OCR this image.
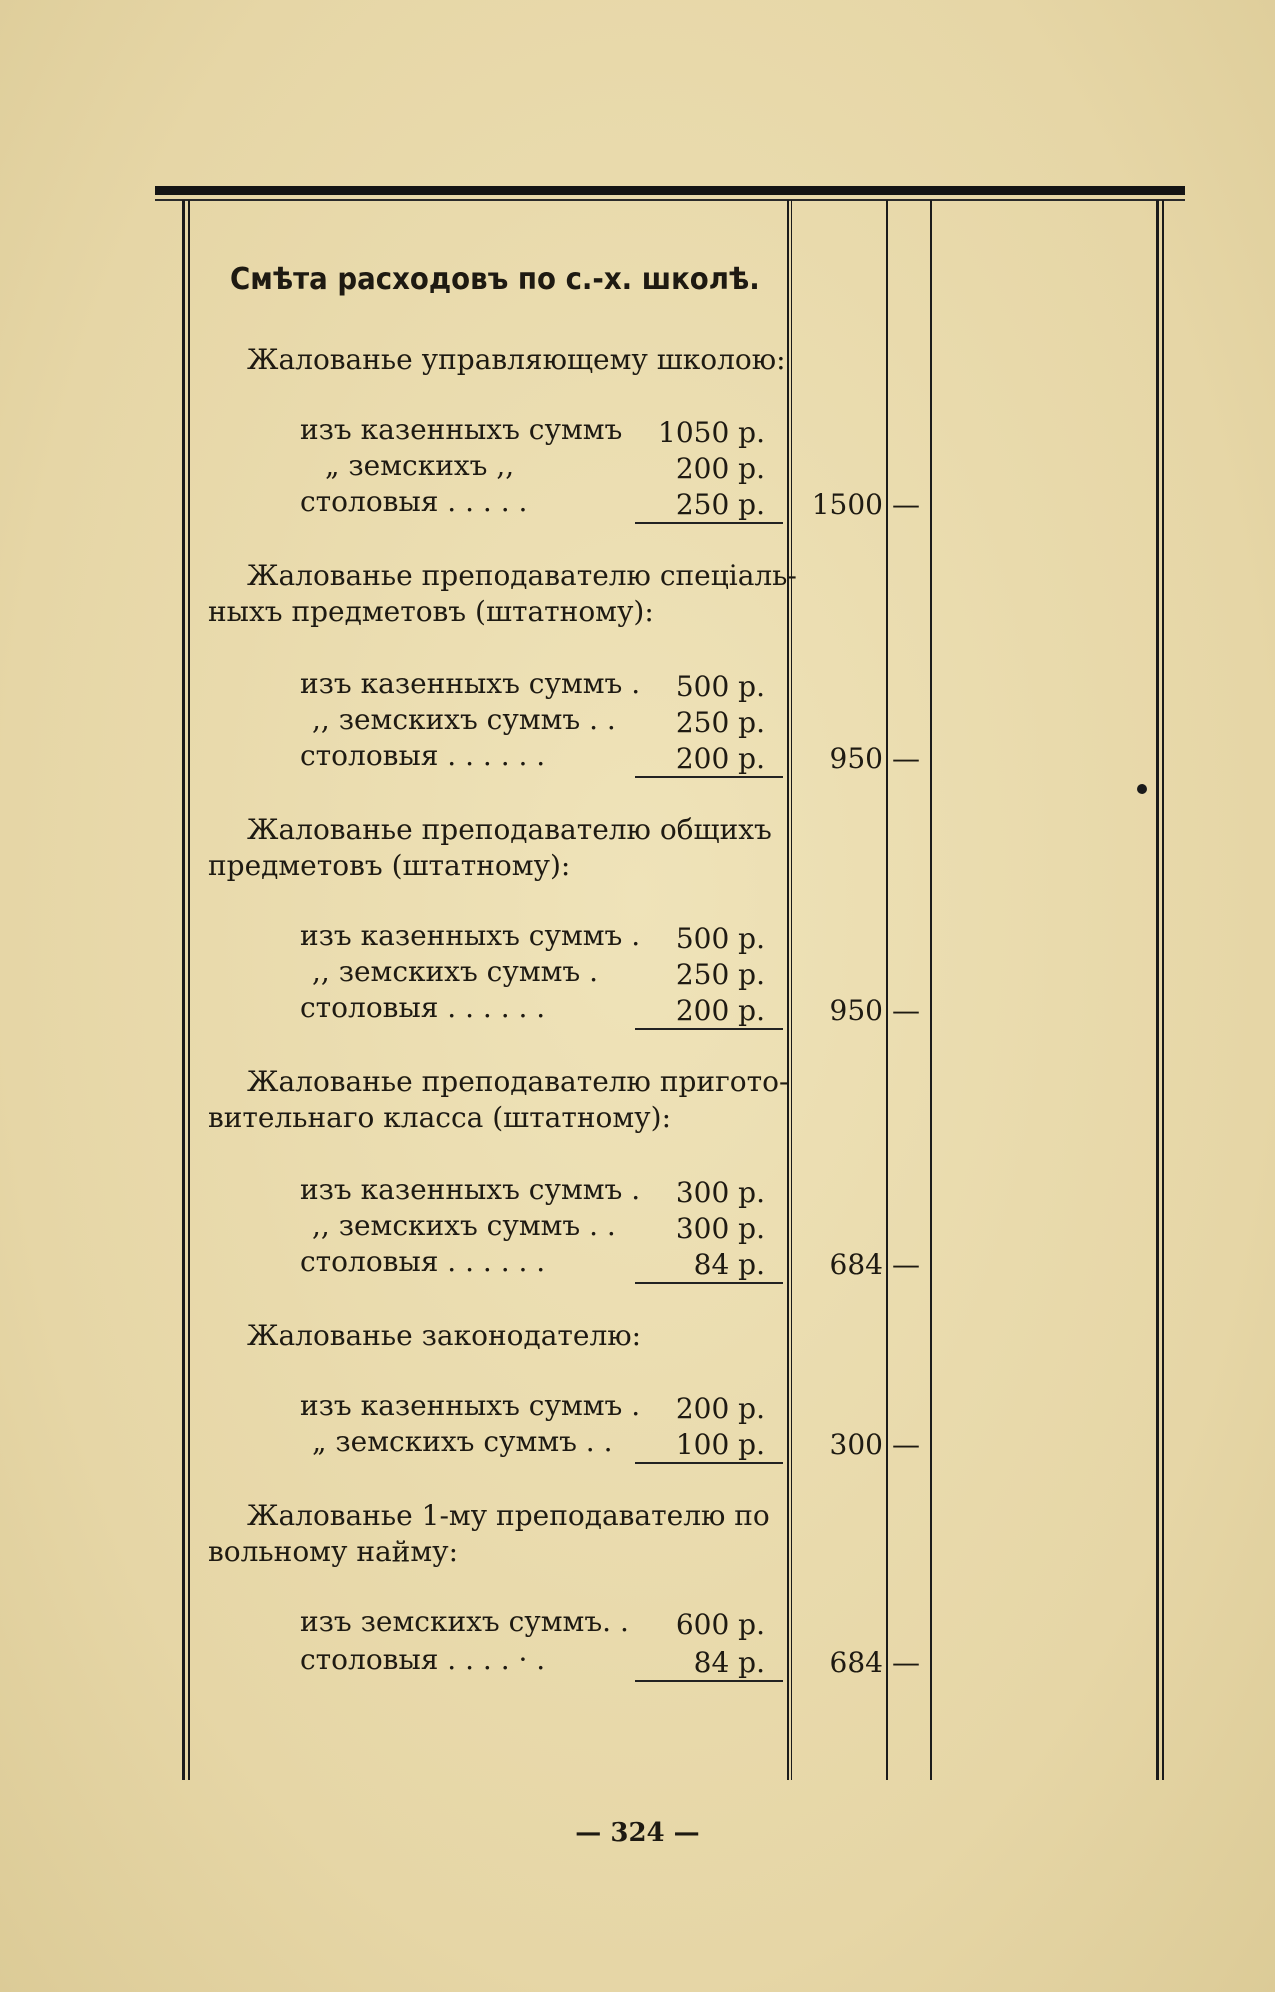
Смѣта расходовъ по с.-х. школѣ.
Жалованье управляющему школою:
изъ казенныхъ суммъ	1050 р.
„ земскихъ ,,	200 р.
столовыя . . . . .	250 р.	1500 —
Жалованье преподавателю спеціаль-
ныхъ предметовъ (штатному):
изъ казенныхъ суммъ .	500 р.
,, земскихъ суммъ . .	250 р.
столовыя . . . . . .	200 р.	950 —
Жалованье преподавателю общихъ
предметовъ (штатному):
изъ казенныхъ суммъ .	500 р.
,, земскихъ суммъ .	250 р.
столовыя . . . . . .	200 р.	950 —
Жалованье преподавателю пригото-
вительнаго класса (штатному):
изъ казенныхъ суммъ .	300 р.
,, земскихъ суммъ . .	300 р.
столовыя . . . . . .	84 р.	684 —
Жалованье законодателю:
изъ казенныхъ суммъ .	200 р.
„ земскихъ суммъ . .	100 р.	300 —
Жалованье 1-му преподавателю по
вольному найму:
изъ земскихъ суммъ. .	600 р.
столовыя . . . . · .	84 р.	684 —
— 324 —
